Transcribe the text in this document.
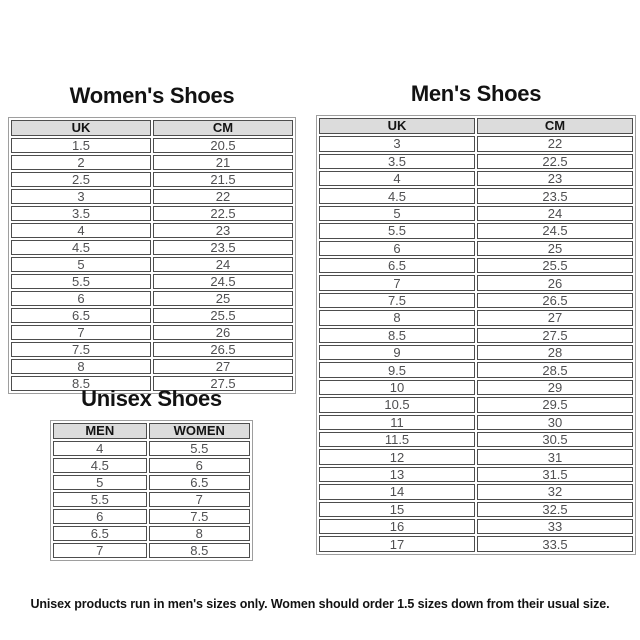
Women's Shoes
UK	CM
1.5	20.5
2	21
2.5	21.5
3	22
3.5	22.5
4	23
4.5	23.5
5	24
5.5	24.5
6	25
6.5	25.5
7	26
7.5	26.5
8	27
8.5	27.5
Men's Shoes
UK	CM
3	22
3.5	22.5
4	23
4.5	23.5
5	24
5.5	24.5
6	25
6.5	25.5
7	26
7.5	26.5
8	27
8.5	27.5
9	28
9.5	28.5
10	29
10.5	29.5
11	30
11.5	30.5
12	31
13	31.5
14	32
15	32.5
16	33
17	33.5
Unisex Shoes
MEN	WOMEN
4	5.5
4.5	6
5	6.5
5.5	7
6	7.5
6.5	8
7	8.5
Unisex products run in men's sizes only. Women should order 1.5 sizes down from their usual size.
